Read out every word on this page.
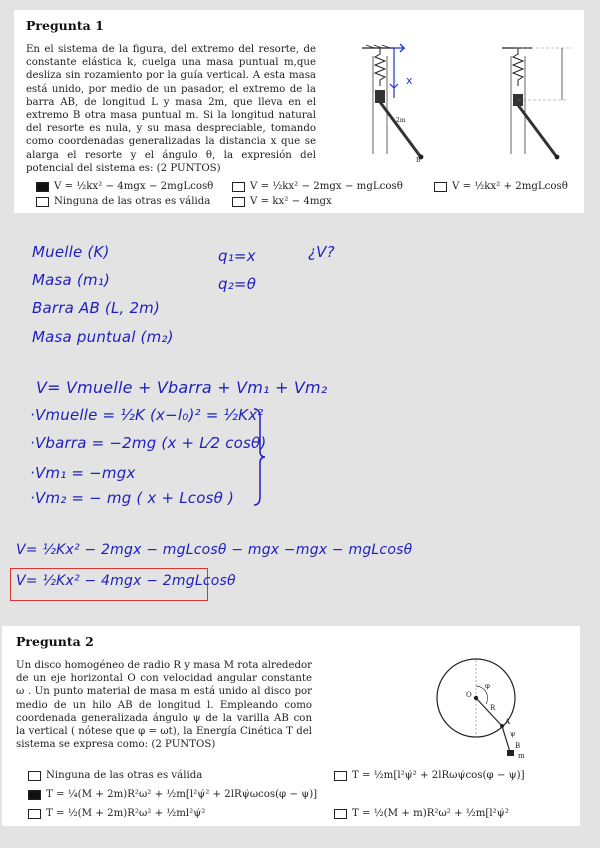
Pregunta 1
En el sistema de la figura, del extremo del resorte, de constante elástica k, cuelga una masa puntual m,que desliza sin rozamiento por la guía vertical. A esta masa está unido, por medio de un pasador, el extremo de la barra AB, de longitud L y masa 2m, que lleva en el extremo B otra masa puntual m. Si la longitud natural del resorte es nula, y su masa despreciable, tomando como coordenadas generalizadas la distancia x que se alarga el resorte y el ángulo θ, la expresión del potencial del sistema es: (2 PUNTOS)
x
2m
B
V = ½kx² − 4mgx − 2mgLcosθ	V = ½kx² − 2mgx − mgLcosθ	V = ½kx² + 2mgLcosθ
Ninguna de las otras es válida	V = kx² − 4mgx
Muelle (K)	q₁=x	¿V?
Masa (m₁)	q₂=θ
Barra AB (L, 2m)
Masa puntual (m₂)
V= Vmuelle + Vbarra + Vm₁ + Vm₂
·Vmuelle = ½K (x−l₀)² = ½Kx²
·Vbarra = −2mg (x + L⁄2 cosθ)
·Vm₁ = −mgx
·Vm₂ = − mg ( x + Lcosθ )
V= ½Kx² − 2mgx − mgLcosθ − mgx −mgx − mgLcosθ
V= ½Kx² − 4mgx − 2mgLcosθ
Pregunta 2
Un disco homogéneo de radio R y masa M rota alrededor de un eje horizontal O con velocidad angular constante ω . Un punto material de masa m está unido al disco por medio de un hilo AB de longitud l. Empleando como coordenada generalizada ángulo ψ de la varilla AB con la vertical ( nótese que φ = ωt), la Energía Cinética T del sistema se expresa como: (2 PUNTOS)
O
R
A
B
m
φ
ψ
Ninguna de las otras es válida	T = ½m[l²ψ̇² + 2lRωψ̇cos(φ − ψ)]
T = ¼(M + 2m)R²ω² + ½m[l²ψ̇² + 2lRψ̇ωcos(φ − ψ)]
T = ½(M + 2m)R²ω² + ½ml²ψ̇²	T = ½(M + m)R²ω² + ½m[l²ψ̇²
